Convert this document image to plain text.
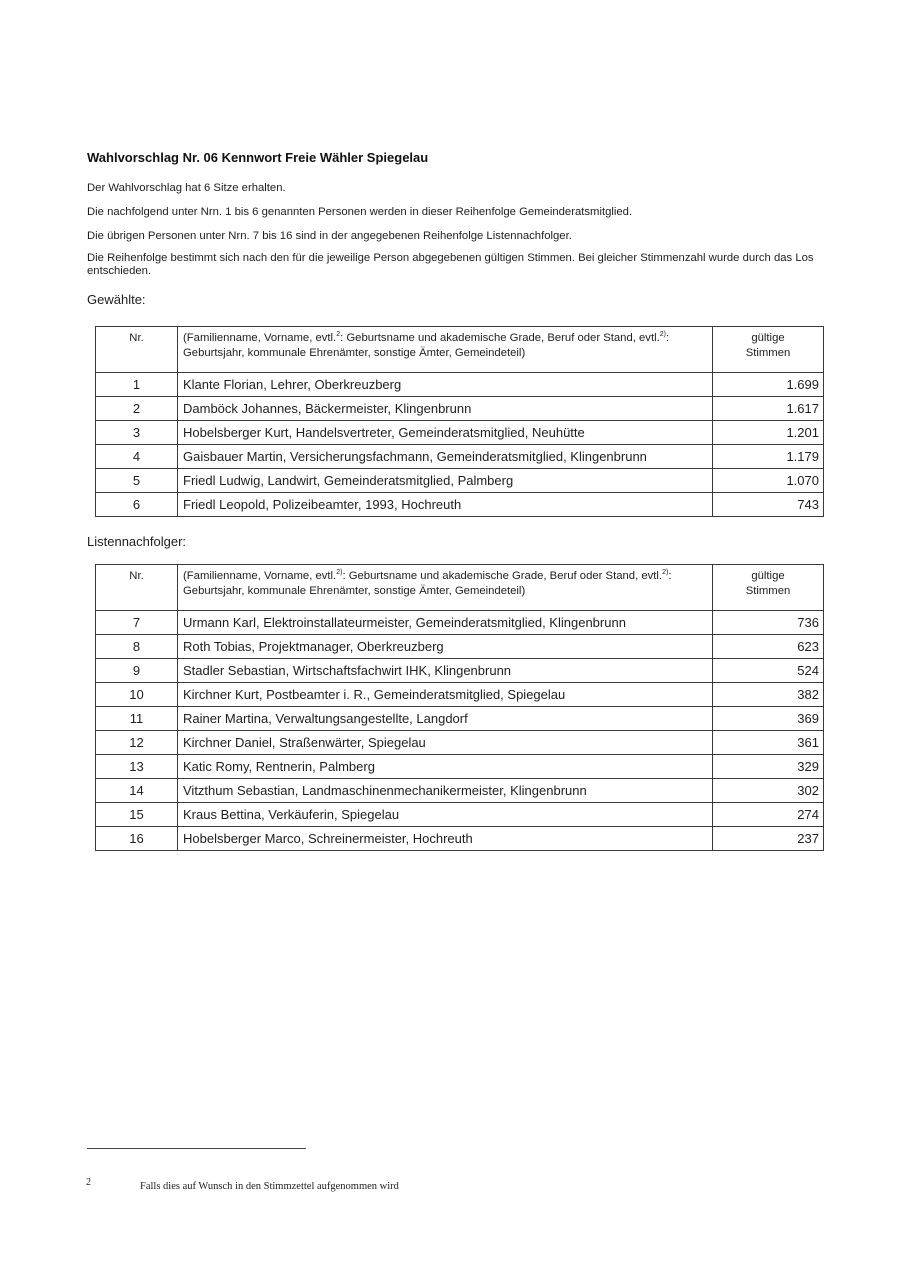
Wahlvorschlag Nr. 06 Kennwort Freie Wähler Spiegelau
Der Wahlvorschlag hat 6 Sitze erhalten.
Die nachfolgend unter Nrn. 1 bis 6 genannten Personen werden in dieser Reihenfolge Gemeinderatsmitglied.
Die übrigen Personen unter Nrn. 7 bis 16 sind in der angegebenen Reihenfolge Listennachfolger.
Die Reihenfolge bestimmt sich nach den für die jeweilige Person abgegebenen gültigen Stimmen. Bei gleicher Stimmenzahl wurde durch das Los entschieden.
Gewählte:
Nr.	(Familienname, Vorname, evtl.$^2$: Geburtsname und akademische Grade, Beruf oder Stand, evtl.$^{2)}$: Geburtsjahr, kommunale Ehrenämter, sonstige Ämter, Gemeindeteil)	gültige
Stimmen
1	Klante Florian, Lehrer, Oberkreuzberg	1.699
2	Damböck Johannes, Bäckermeister, Klingenbrunn	1.617
3	Hobelsberger Kurt, Handelsvertreter, Gemeinderatsmitglied, Neuhütte	1.201
4	Gaisbauer Martin, Versicherungsfachmann, Gemeinderatsmitglied, Klingenbrunn	1.179
5	Friedl Ludwig, Landwirt, Gemeinderatsmitglied, Palmberg	1.070
6	Friedl Leopold, Polizeibeamter, 1993, Hochreuth	743
Listennachfolger:
Nr.	(Familienname, Vorname, evtl.$^{2)}$: Geburtsname und akademische Grade, Beruf oder Stand, evtl.$^{2)}$: Geburtsjahr, kommunale Ehrenämter, sonstige Ämter, Gemeindeteil)	gültige
Stimmen
7	Urmann Karl, Elektroinstallateurmeister, Gemeinderatsmitglied, Klingenbrunn	736
8	Roth Tobias, Projektmanager, Oberkreuzberg	623
9	Stadler Sebastian, Wirtschaftsfachwirt IHK, Klingenbrunn	524
10	Kirchner Kurt, Postbeamter i. R., Gemeinderatsmitglied, Spiegelau	382
11	Rainer Martina, Verwaltungsangestellte, Langdorf	369
12	Kirchner Daniel, Straßenwärter, Spiegelau	361
13	Katic Romy, Rentnerin, Palmberg	329
14	Vitzthum Sebastian, Landmaschinenmechanikermeister, Klingenbrunn	302
15	Kraus Bettina, Verkäuferin, Spiegelau	274
16	Hobelsberger Marco, Schreinermeister, Hochreuth	237
2	Falls dies auf Wunsch in den Stimmzettel aufgenommen wird
